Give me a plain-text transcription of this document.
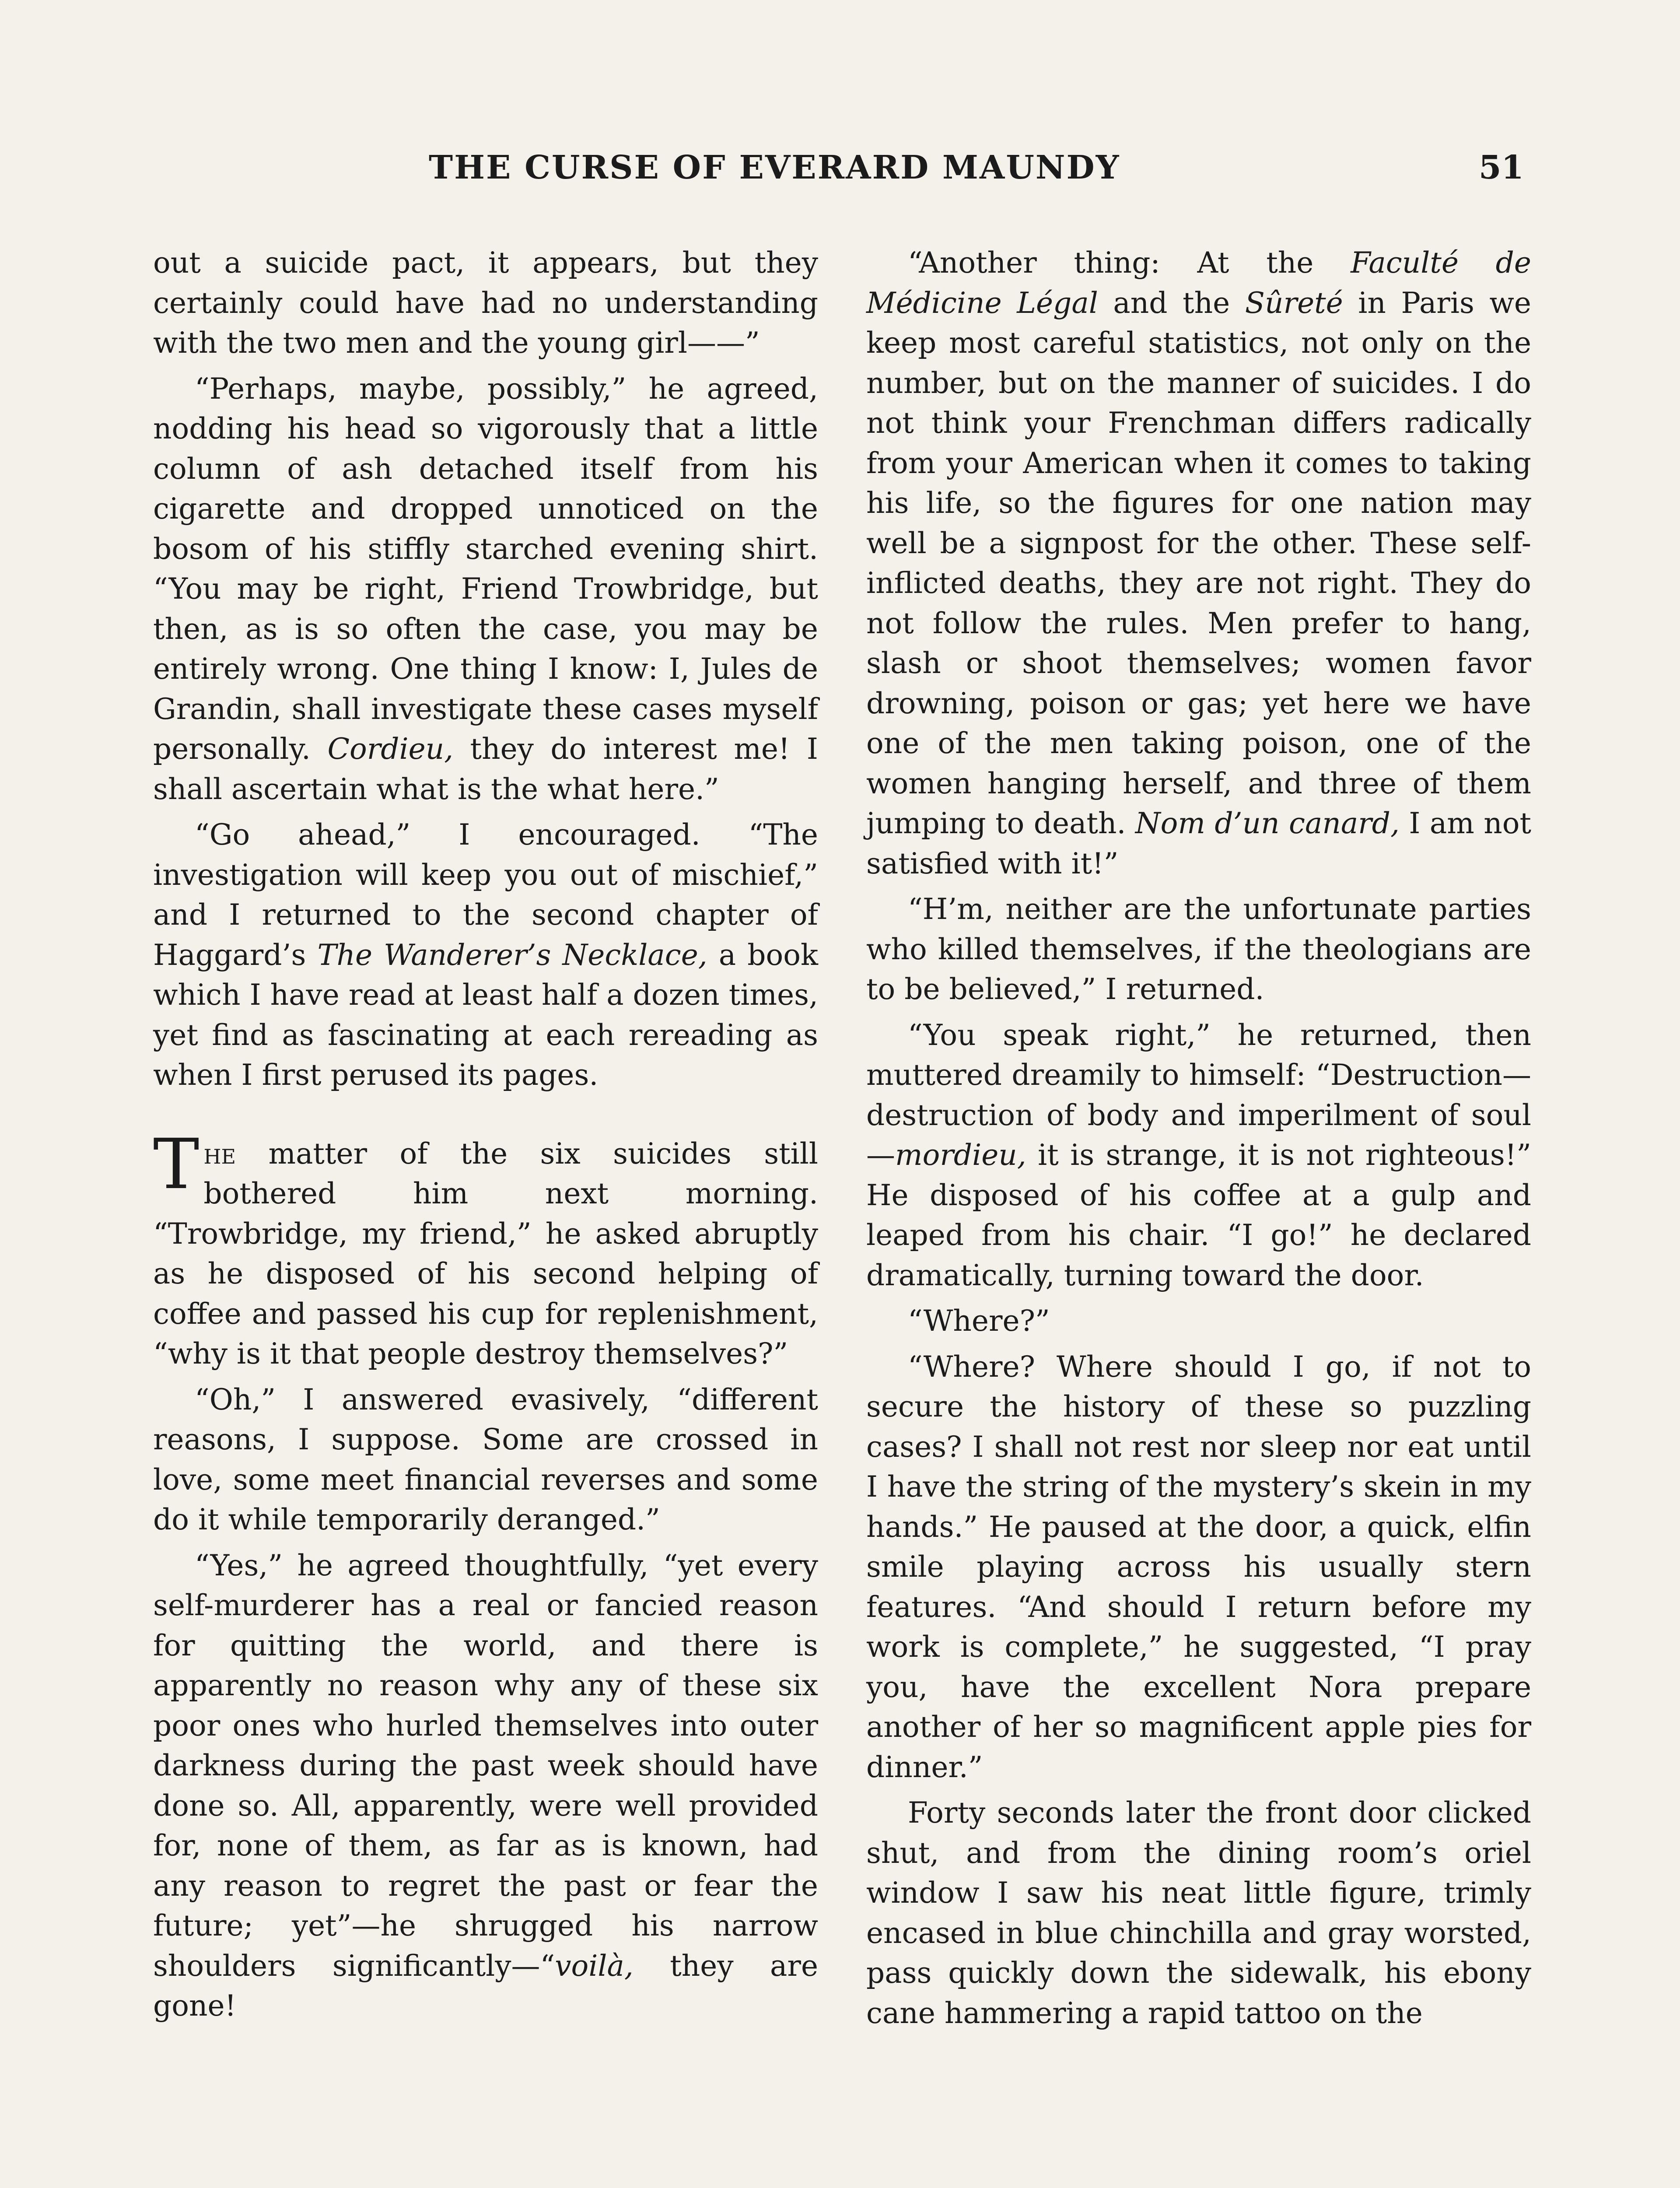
THE CURSE OF EVERARD MAUNDY	51

out a suicide pact, it appears, but they certainly could have had no understanding with the two men and the young girl——”

“Perhaps, maybe, possibly,” he agreed, nodding his head so vigorously that a little column of ash detached itself from his cigarette and dropped unnoticed on the bosom of his stiffly starched evening shirt. “You may be right, Friend Trowbridge, but then, as is so often the case, you may be entirely wrong. One thing I know: I, Jules de Grandin, shall investigate these cases myself personally. Cordieu, they do interest me! I shall ascertain what is the what here.”

“Go ahead,” I encouraged. “The investigation will keep you out of mischief,” and I returned to the second chapter of Haggard’s The Wanderer’s Necklace, a book which I have read at least half a dozen times, yet find as fascinating at each rereading as when I first perused its pages.

The matter of the six suicides still bothered him next morning. “Trowbridge, my friend,” he asked abruptly as he disposed of his second helping of coffee and passed his cup for replenishment, “why is it that people destroy themselves?”

“Oh,” I answered evasively, “different reasons, I suppose. Some are crossed in love, some meet financial reverses and some do it while temporarily deranged.”

“Yes,” he agreed thoughtfully, “yet every self-murderer has a real or fancied reason for quitting the world, and there is apparently no reason why any of these six poor ones who hurled themselves into outer darkness during the past week should have done so. All, apparently, were well provided for, none of them, as far as is known, had any reason to regret the past or fear the future; yet”—he shrugged his narrow shoulders significantly—“voilà, they are gone!

“Another thing: At the Faculté de Médicine Légal and the Sûreté in Paris we keep most careful statistics, not only on the number, but on the manner of suicides. I do not think your Frenchman differs radically from your American when it comes to taking his life, so the figures for one nation may well be a signpost for the other. These self-inflicted deaths, they are not right. They do not follow the rules. Men prefer to hang, slash or shoot themselves; women favor drowning, poison or gas; yet here we have one of the men taking poison, one of the women hanging herself, and three of them jumping to death. Nom d’un canard, I am not satisfied with it!”

“H’m, neither are the unfortunate parties who killed themselves, if the theologians are to be believed,” I returned.

“You speak right,” he returned, then muttered dreamily to himself: “Destruction—destruction of body and imperilment of soul—mordieu, it is strange, it is not righteous!” He disposed of his coffee at a gulp and leaped from his chair. “I go!” he declared dramatically, turning toward the door.

“Where?”

“Where? Where should I go, if not to secure the history of these so puzzling cases? I shall not rest nor sleep nor eat until I have the string of the mystery’s skein in my hands.” He paused at the door, a quick, elfin smile playing across his usually stern features. “And should I return before my work is complete,” he suggested, “I pray you, have the excellent Nora prepare another of her so magnificent apple pies for dinner.”

Forty seconds later the front door clicked shut, and from the dining room’s oriel window I saw his neat little figure, trimly encased in blue chinchilla and gray worsted, pass quickly down the sidewalk, his ebony cane hammering a rapid tattoo on the
